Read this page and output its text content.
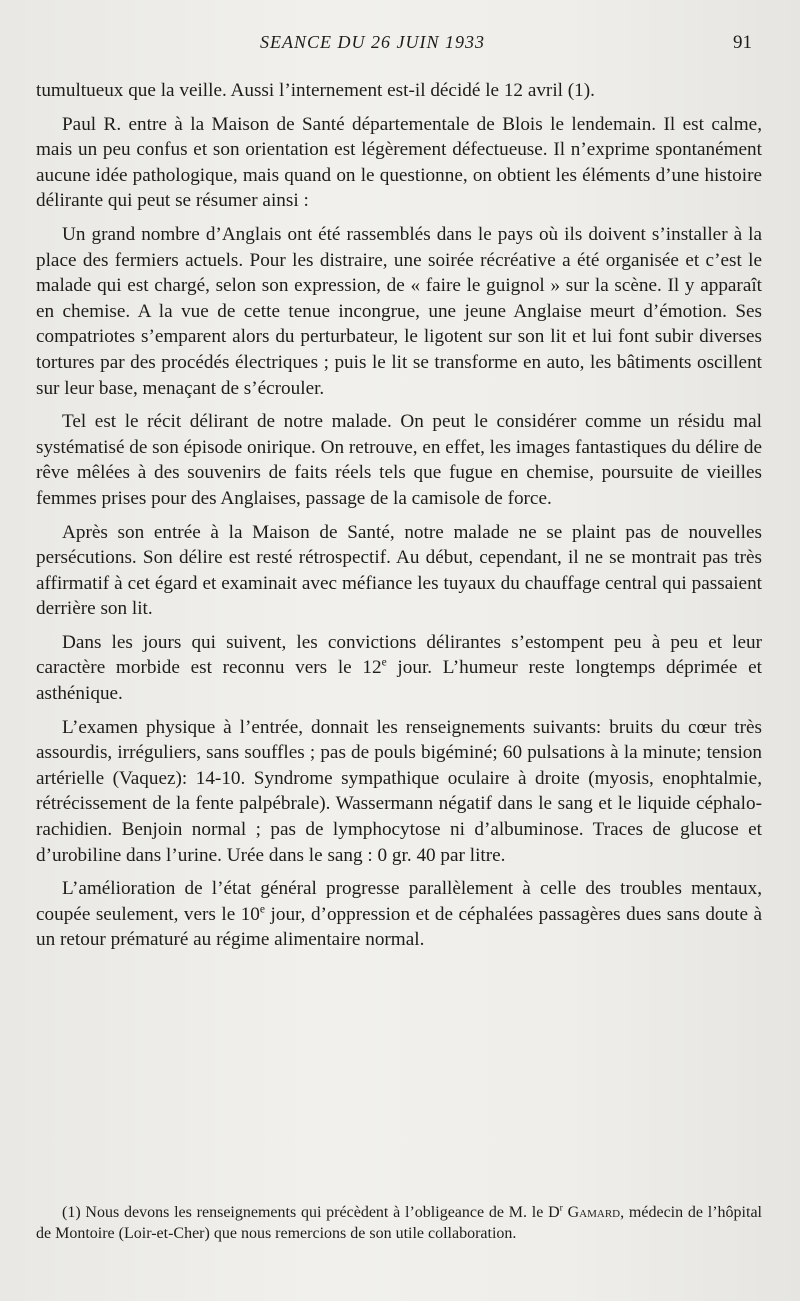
SEANCE DU 26 JUIN 1933	91

tumultueux que la veille. Aussi l’internement est-il décidé le 12 avril (1).

Paul R. entre à la Maison de Santé départementale de Blois le lendemain. Il est calme, mais un peu confus et son orientation est légèrement défectueuse. Il n’exprime spontanément aucune idée pathologique, mais quand on le questionne, on obtient les éléments d’une histoire délirante qui peut se résumer ainsi :

Un grand nombre d’Anglais ont été rassemblés dans le pays où ils doivent s’installer à la place des fermiers actuels. Pour les distraire, une soirée récréative a été organisée et c’est le malade qui est chargé, selon son expression, de « faire le guignol » sur la scène. Il y apparaît en chemise. A la vue de cette tenue incongrue, une jeune Anglaise meurt d’émotion. Ses compatriotes s’emparent alors du perturbateur, le ligotent sur son lit et lui font subir diverses tortures par des procédés électriques ; puis le lit se transforme en auto, les bâtiments oscillent sur leur base, menaçant de s’écrouler.

Tel est le récit délirant de notre malade. On peut le considérer comme un résidu mal systématisé de son épisode onirique. On retrouve, en effet, les images fantastiques du délire de rêve mêlées à des souvenirs de faits réels tels que fugue en chemise, poursuite de vieilles femmes prises pour des Anglaises, passage de la camisole de force.

Après son entrée à la Maison de Santé, notre malade ne se plaint pas de nouvelles persécutions. Son délire est resté rétrospectif. Au début, cependant, il ne se montrait pas très affirmatif à cet égard et examinait avec méfiance les tuyaux du chauffage central qui passaient derrière son lit.

Dans les jours qui suivent, les convictions délirantes s’estompent peu à peu et leur caractère morbide est reconnu vers le 12e jour. L’humeur reste longtemps déprimée et asthénique.

L’examen physique à l’entrée, donnait les renseignements suivants: bruits du cœur très assourdis, irréguliers, sans souffles ; pas de pouls bigéminé; 60 pulsations à la minute; tension artérielle (Vaquez): 14-10. Syndrome sympathique oculaire à droite (myosis, enophtalmie, rétrécissement de la fente palpébrale). Wassermann négatif dans le sang et le liquide céphalo-rachidien. Benjoin normal ; pas de lymphocytose ni d’albuminose. Traces de glucose et d’urobiline dans l’urine. Urée dans le sang : 0 gr. 40 par litre.

L’amélioration de l’état général progresse parallèlement à celle des troubles mentaux, coupée seulement, vers le 10e jour, d’oppression et de céphalées passagères dues sans doute à un retour prématuré au régime alimentaire normal.

(1) Nous devons les renseignements qui précèdent à l’obligeance de M. le $D^r$ Gamard, médecin de l’hôpital de Montoire (Loir-et-Cher) que nous remercions de son utile collaboration.
